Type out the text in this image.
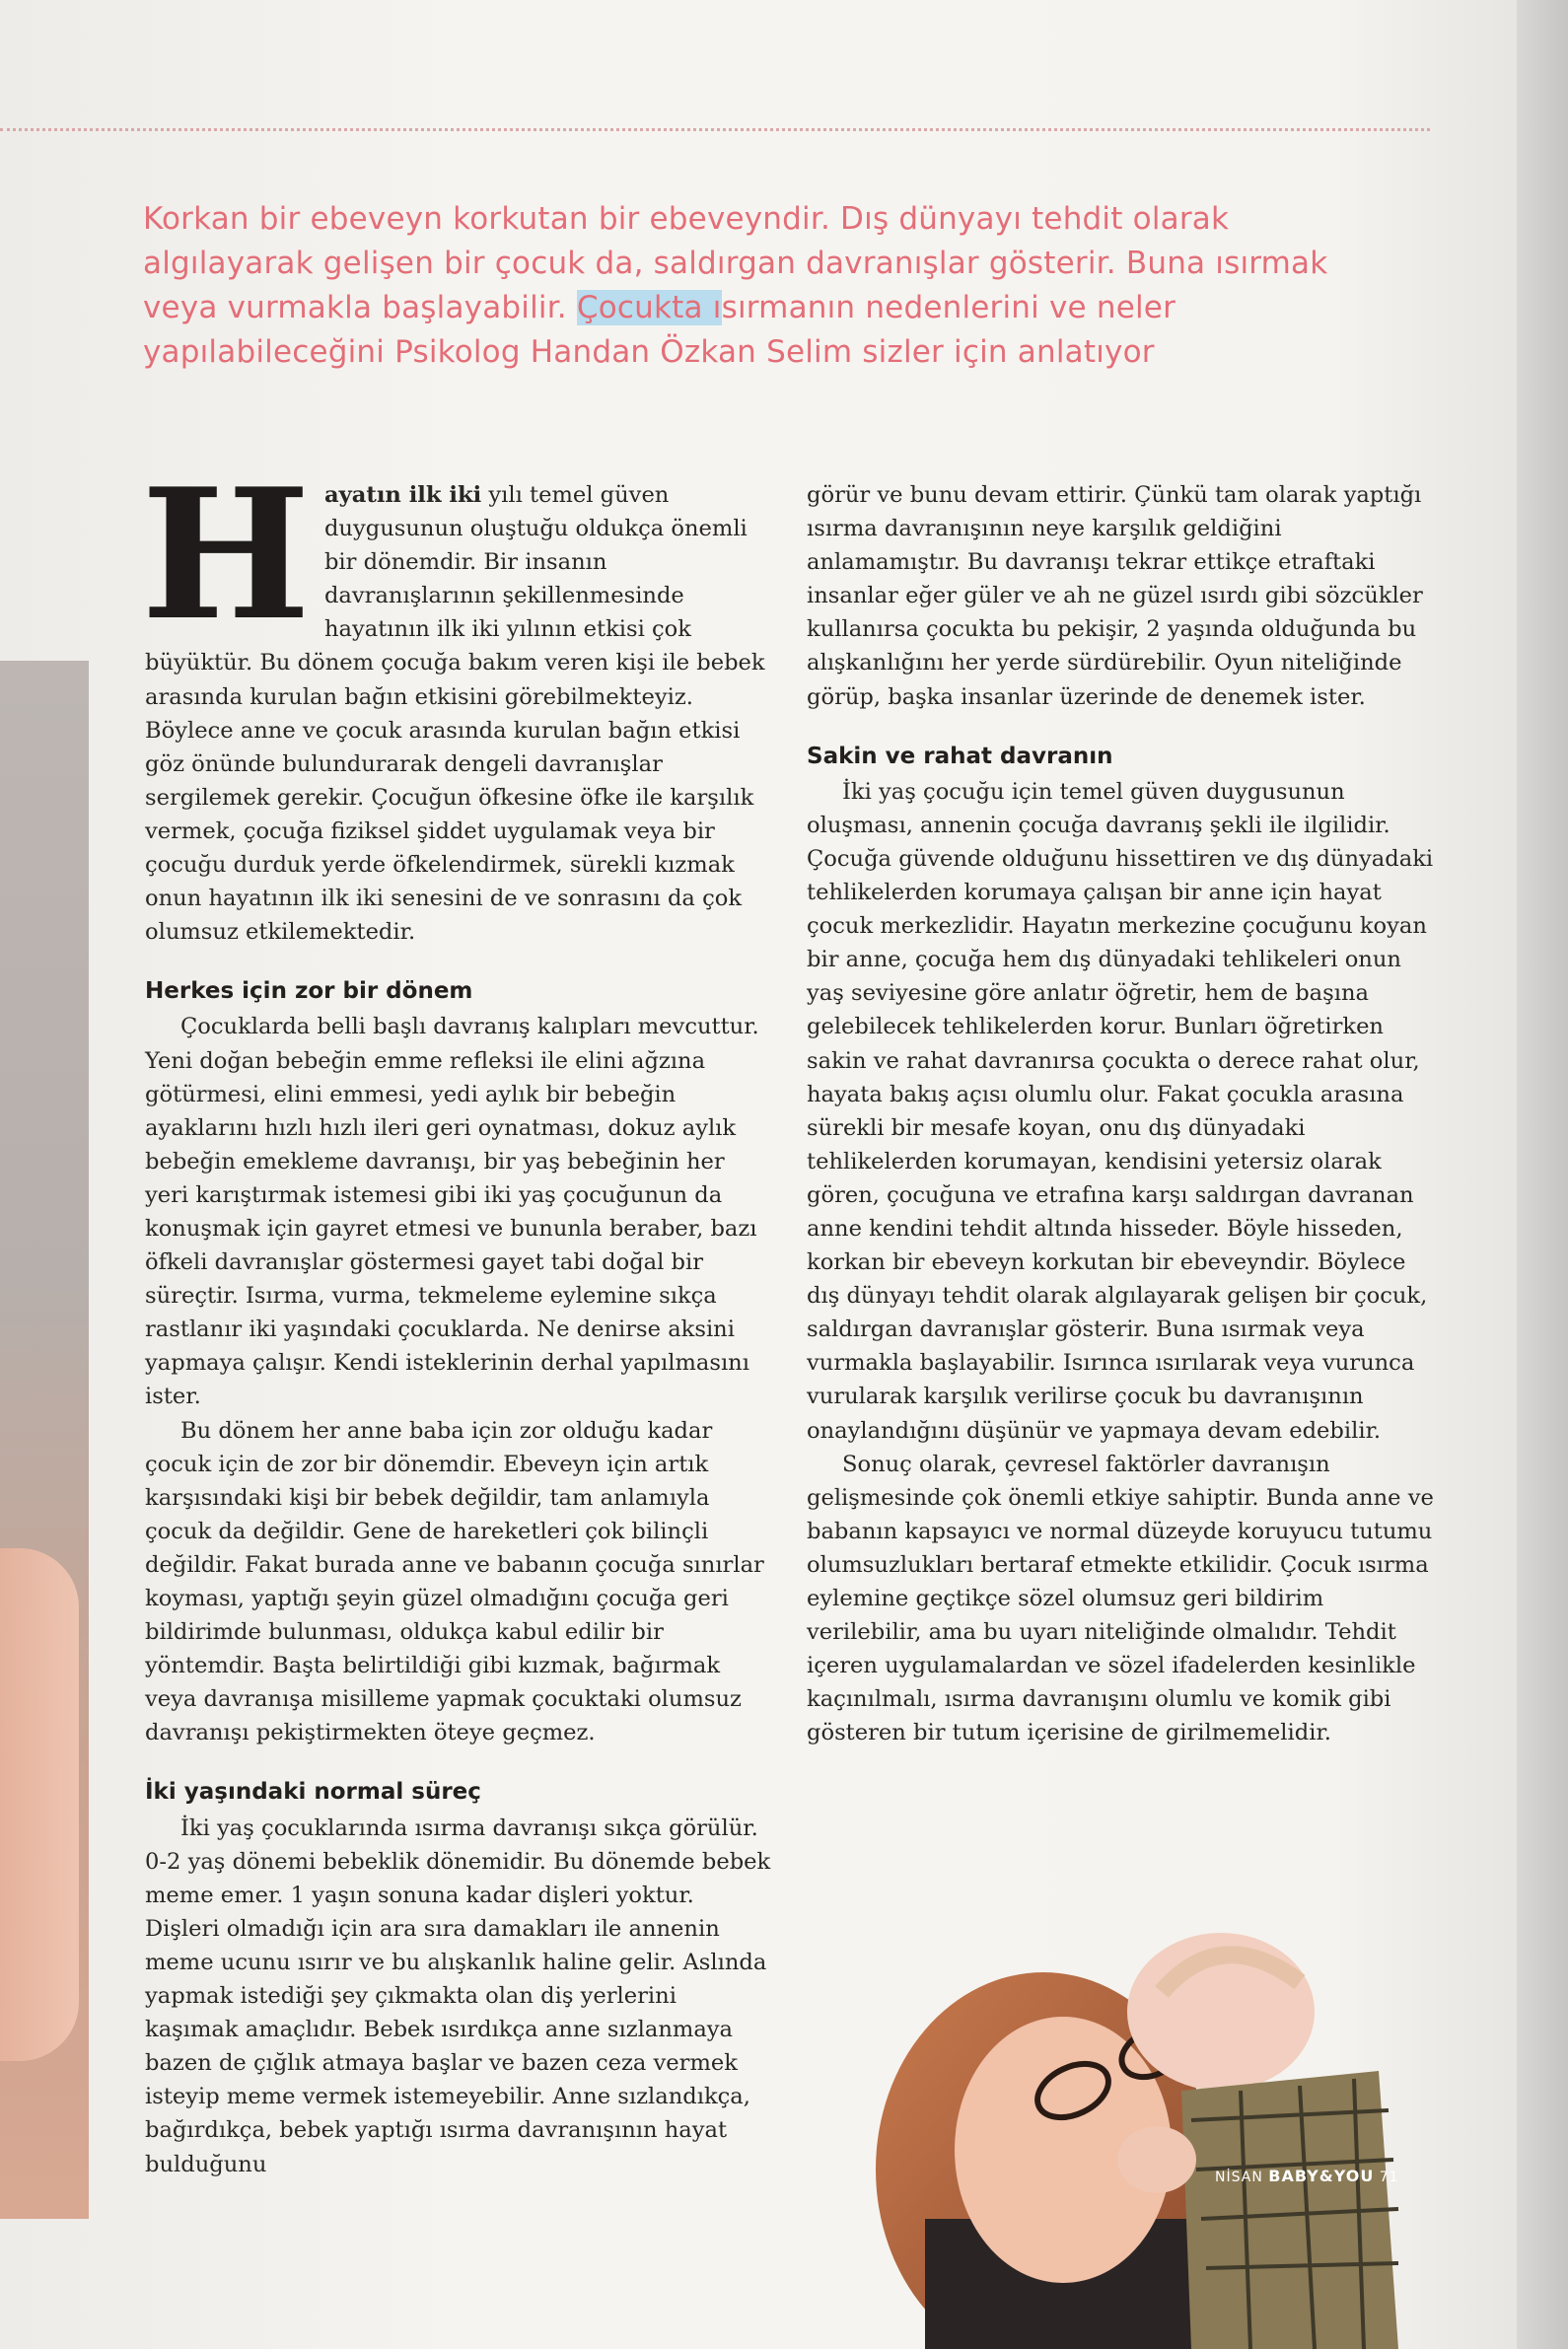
Korkan bir ebeveyn korkutan bir ebeveyndir. Dış dünyayı tehdit olarak algılayarak gelişen bir çocuk da, saldırgan davranışlar gösterir. Buna ısırmak veya vurmakla başlayabilir. Çocukta ısırmanın nedenlerini ve neler yapılabileceğini Psikolog Handan Özkan Selim sizler için anlatıyor

Hayatın ilk iki yılı temel güven duygusunun oluştuğu oldukça önemli bir dönemdir. Bir insanın davranışlarının şekillenmesinde hayatının ilk iki yılının etkisi çok büyüktür. Bu dönem çocuğa bakım veren kişi ile bebek arasında kurulan bağın etkisini görebilmekteyiz. Böylece anne ve çocuk arasında kurulan bağın etkisi göz önünde bulundurarak dengeli davranışlar sergilemek gerekir. Çocuğun öfkesine öfke ile karşılık vermek, çocuğa fiziksel şiddet uygulamak veya bir çocuğu durduk yerde öfkelendirmek, sürekli kızmak onun hayatının ilk iki senesini de ve sonrasını da çok olumsuz etkilemektedir.

Herkes için zor bir dönem

Çocuklarda belli başlı davranış kalıpları mevcuttur. Yeni doğan bebeğin emme refleksi ile elini ağzına götürmesi, elini emmesi, yedi aylık bir bebeğin ayaklarını hızlı hızlı ileri geri oynatması, dokuz aylık bebeğin emekleme davranışı, bir yaş bebeğinin her yeri karıştırmak istemesi gibi iki yaş çocuğunun da konuşmak için gayret etmesi ve bununla beraber, bazı öfkeli davranışlar göstermesi gayet tabi doğal bir süreçtir. Isırma, vurma, tekmeleme eylemine sıkça rastlanır iki yaşındaki çocuklarda. Ne denirse aksini yapmaya çalışır. Kendi isteklerinin derhal yapılmasını ister.

Bu dönem her anne baba için zor olduğu kadar çocuk için de zor bir dönemdir. Ebeveyn için artık karşısındaki kişi bir bebek değildir, tam anlamıyla çocuk da değildir. Gene de hareketleri çok bilinçli değildir. Fakat burada anne ve babanın çocuğa sınırlar koyması, yaptığı şeyin güzel olmadığını çocuğa geri bildirimde bulunması, oldukça kabul edilir bir yöntemdir. Başta belirtildiği gibi kızmak, bağırmak veya davranışa misilleme yapmak çocuktaki olumsuz davranışı pekiştirmekten öteye geçmez.

İki yaşındaki normal süreç

İki yaş çocuklarında ısırma davranışı sıkça görülür. 0-2 yaş dönemi bebeklik dönemidir. Bu dönemde bebek meme emer. 1 yaşın sonuna kadar dişleri yoktur. Dişleri olmadığı için ara sıra damakları ile annenin meme ucunu ısırır ve bu alışkanlık haline gelir. Aslında yapmak istediği şey çıkmakta olan diş yerlerini kaşımak amaçlıdır. Bebek ısırdıkça anne sızlanmaya bazen de çığlık atmaya başlar ve bazen ceza vermek isteyip meme vermek istemeyebilir. Anne sızlandıkça, bağırdıkça, bebek yaptığı ısırma davranışının hayat bulduğunu

görür ve bunu devam ettirir. Çünkü tam olarak yaptığı ısırma davranışının neye karşılık geldiğini anlamamıştır. Bu davranışı tekrar ettikçe etraftaki insanlar eğer güler ve ah ne güzel ısırdı gibi sözcükler kullanırsa çocukta bu pekişir, 2 yaşında olduğunda bu alışkanlığını her yerde sürdürebilir. Oyun niteliğinde görüp, başka insanlar üzerinde de denemek ister.

Sakin ve rahat davranın

İki yaş çocuğu için temel güven duygusunun oluşması, annenin çocuğa davranış şekli ile ilgilidir. Çocuğa güvende olduğunu hissettiren ve dış dünyadaki tehlikelerden korumaya çalışan bir anne için hayat çocuk merkezlidir. Hayatın merkezine çocuğunu koyan bir anne, çocuğa hem dış dünyadaki tehlikeleri onun yaş seviyesine göre anlatır öğretir, hem de başına gelebilecek tehlikelerden korur. Bunları öğretirken sakin ve rahat davranırsa çocukta o derece rahat olur, hayata bakış açısı olumlu olur. Fakat çocukla arasına sürekli bir mesafe koyan, onu dış dünyadaki tehlikelerden korumayan, kendisini yetersiz olarak gören, çocuğuna ve etrafına karşı saldırgan davranan anne kendini tehdit altında hisseder. Böyle hisseden, korkan bir ebeveyn korkutan bir ebeveyndir. Böylece dış dünyayı tehdit olarak algılayarak gelişen bir çocuk, saldırgan davranışlar gösterir. Buna ısırmak veya vurmakla başlayabilir. Isırınca ısırılarak veya vurunca vurularak karşılık verilirse çocuk bu davranışının onaylandığını düşünür ve yapmaya devam edebilir.

Sonuç olarak, çevresel faktörler davranışın gelişmesinde çok önemli etkiye sahiptir. Bunda anne ve babanın kapsayıcı ve normal düzeyde koruyucu tutumu olumsuzlukları bertaraf etmekte etkilidir. Çocuk ısırma eylemine geçtikçe sözel olumsuz geri bildirim verilebilir, ama bu uyarı niteliğinde olmalıdır. Tehdit içeren uygulamalardan ve sözel ifadelerden kesinlikle kaçınılmalı, ısırma davranışını olumlu ve komik gibi gösteren bir tutum içerisine de girilmemelidir.

NİSAN BABY&YOU 71
